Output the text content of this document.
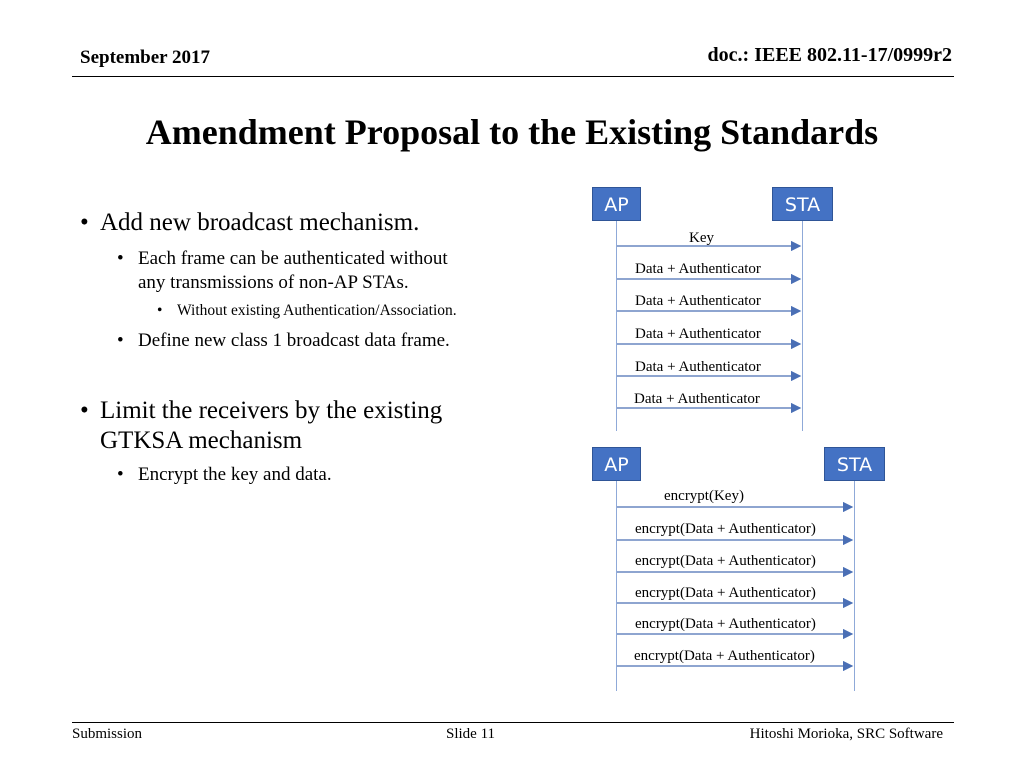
September 2017	doc.: IEEE 802.11-17/0999r2
Amendment Proposal to the Existing Standards
• Add new broadcast mechanism.
• Each frame can be authenticated without
any transmissions of non-AP STAs.
• Without existing Authentication/Association.
• Define new class 1 broadcast data frame.
• Limit the receivers by the existing
GTKSA mechanism
• Encrypt the key and data.
AP	STA
Key
Data + Authenticator
Data + Authenticator
Data + Authenticator
Data + Authenticator
Data + Authenticator
AP	STA
encrypt(Key)
encrypt(Data + Authenticator)
encrypt(Data + Authenticator)
encrypt(Data + Authenticator)
encrypt(Data + Authenticator)
encrypt(Data + Authenticator)
Submission	Slide 11	Hitoshi Morioka, SRC Software
